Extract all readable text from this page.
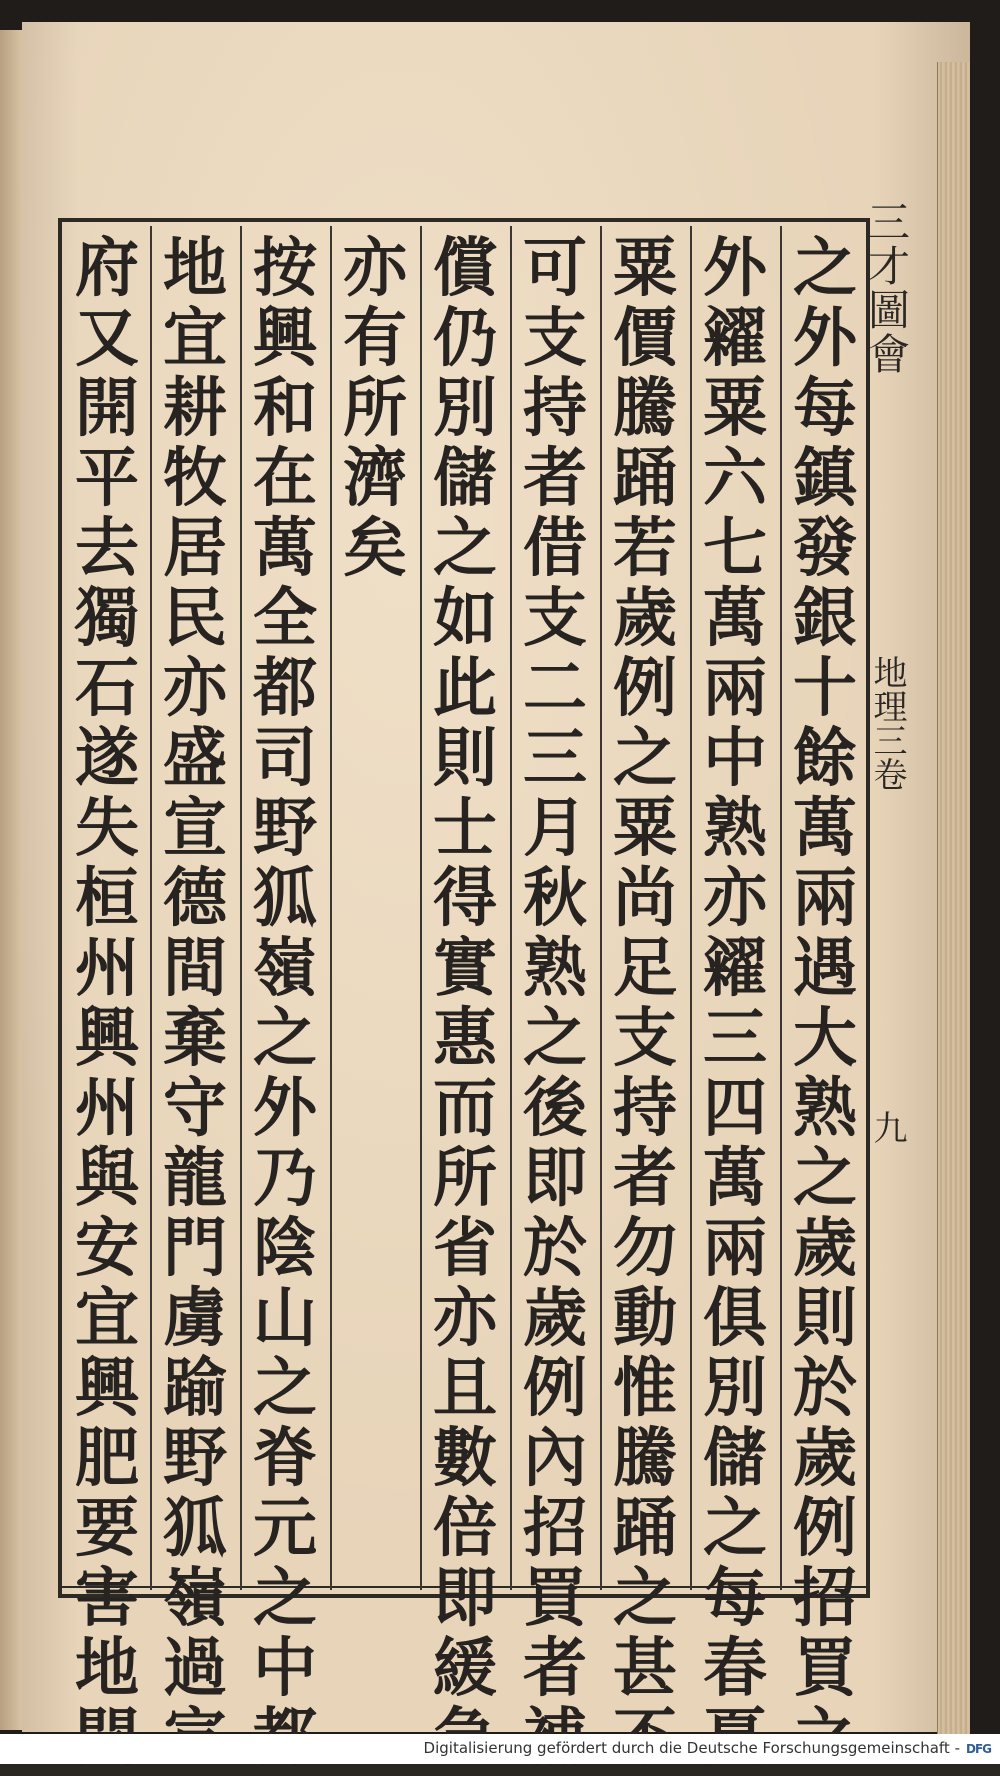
三才圖會
地理三卷
九
之
外
每
鎮
發
銀
十
餘
萬
兩
遇
大
熟
之
歲
則
於
歲
例
招
買
外
糴
粟
六
七
萬
兩
中
熟
亦
糴
三
四
萬
兩
俱
別
儲
之
每
春
粟
價
騰
踊
若
歲
例
之
粟
尚
足
支
持
者
勿
動
惟
騰
踊
之
甚
可
支
持
者
借
支
二
三
月
秋
熟
之
後
即
於
歲
例
內
招
買
者
償
仍
別
儲
之
如
此
則
士
得
實
惠
而
所
省
亦
且
數
倍
即
緩
亦
有
所
濟
矣
按
興
和
在
萬
全
都
司
野
狐
嶺
之
外
乃
陰
山
之
脊
元
之
中
地
宜
耕
牧
居
民
亦
盛
宣
德
間
棄
守
龍
門
虜
踰
野
狐
嶺
過
府
又
開
平
去
獨
石
遂
失
桓
州
興
州
與
安
宜
興
肥
要
害
地
Digitalisierung gefördert durch die Deutsche Forschungsgemeinschaft - DFG
